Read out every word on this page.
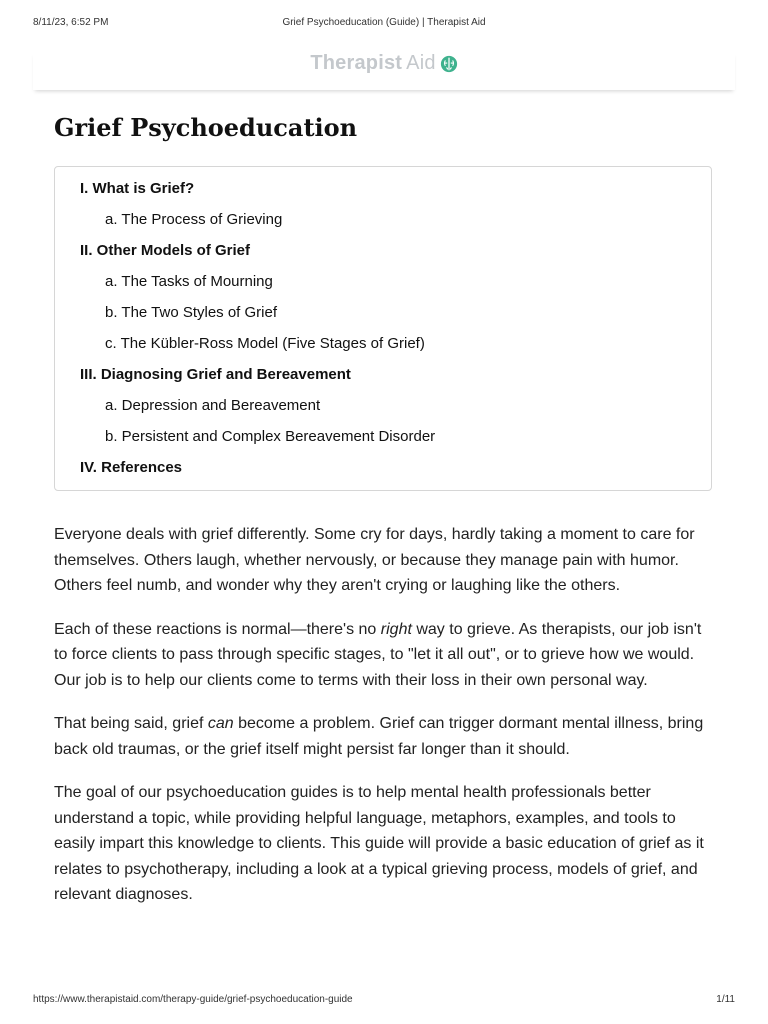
8/11/23, 6:52 PM	Grief Psychoeducation (Guide) | Therapist Aid
Therapist Aid
Grief Psychoeducation
I. What is Grief?
a. The Process of Grieving
II. Other Models of Grief
a. The Tasks of Mourning
b. The Two Styles of Grief
c. The Kübler-Ross Model (Five Stages of Grief)
III. Diagnosing Grief and Bereavement
a. Depression and Bereavement
b. Persistent and Complex Bereavement Disorder
IV. References

Everyone deals with grief differently. Some cry for days, hardly taking a moment to care for themselves. Others laugh, whether nervously, or because they manage pain with humor. Others feel numb, and wonder why they aren't crying or laughing like the others.

Each of these reactions is normal—there's no right way to grieve. As therapists, our job isn't to force clients to pass through specific stages, to "let it all out", or to grieve how we would. Our job is to help our clients come to terms with their loss in their own personal way.

That being said, grief can become a problem. Grief can trigger dormant mental illness, bring back old traumas, or the grief itself might persist far longer than it should.

The goal of our psychoeducation guides is to help mental health professionals better understand a topic, while providing helpful language, metaphors, examples, and tools to easily impart this knowledge to clients. This guide will provide a basic education of grief as it relates to psychotherapy, including a look at a typical grieving process, models of grief, and relevant diagnoses.

https://www.therapistaid.com/therapy-guide/grief-psychoeducation-guide	1/11
